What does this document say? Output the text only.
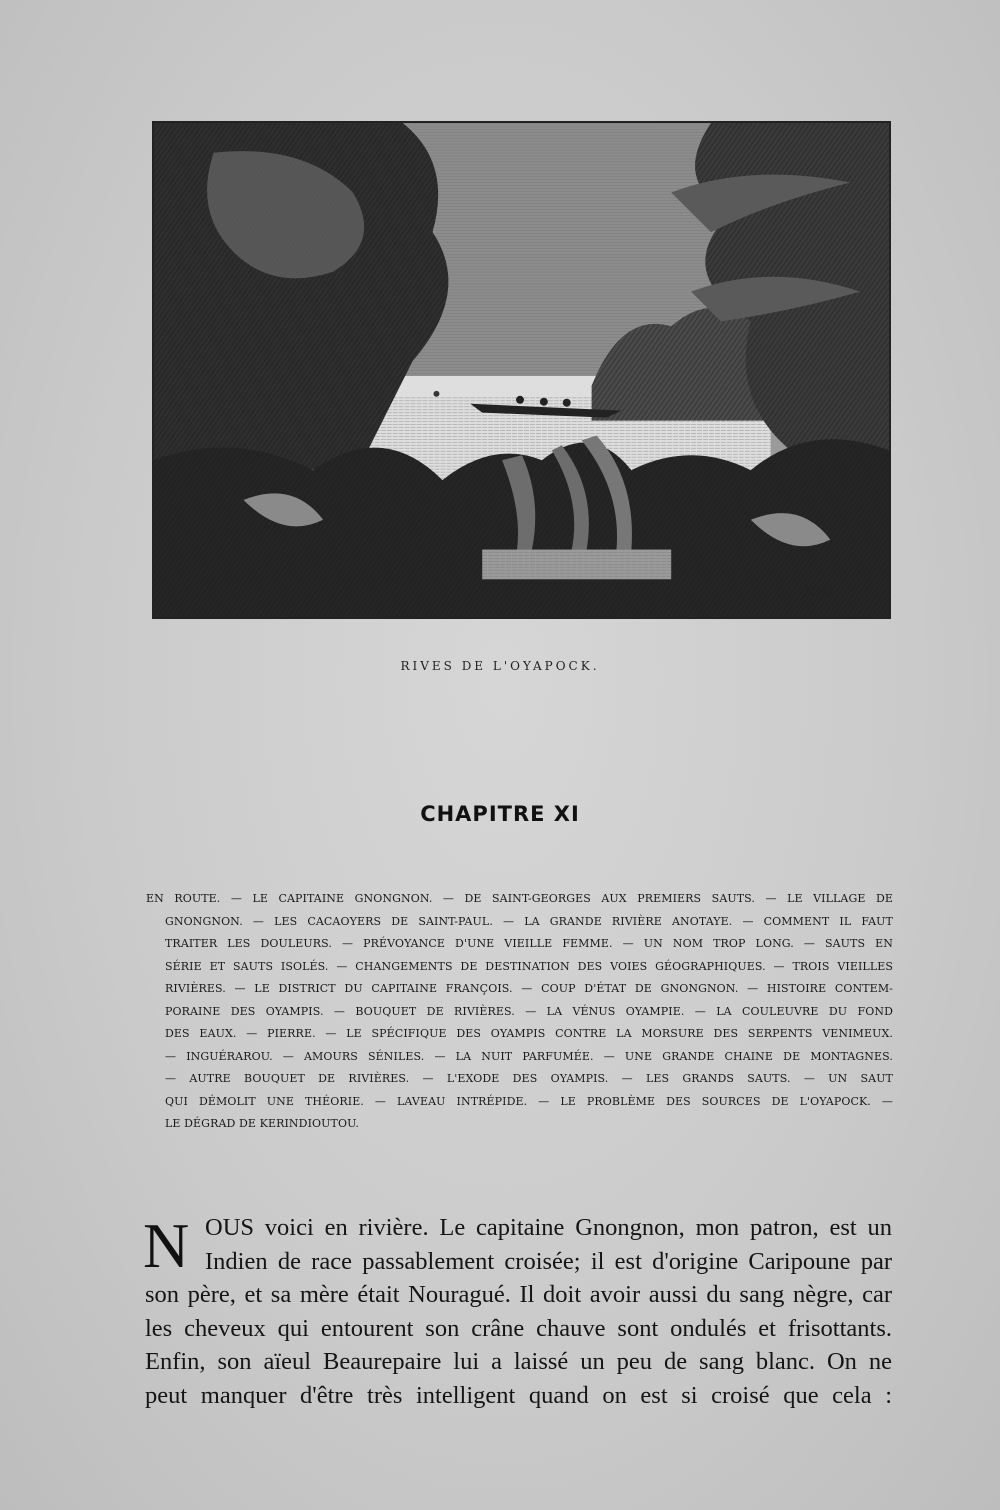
Hohl
RIVES DE L'OYAPOCK.
CHAPITRE XI
EN ROUTE. — LE CAPITAINE GNONGNON. — DE SAINT-GEORGES AUX PREMIERS SAUTS. — LE VILLAGE DE
GNONGNON. — LES CACAOYERS DE SAINT-PAUL. — LA GRANDE RIVIÈRE ANOTAYE. — COMMENT IL FAUT
TRAITER LES DOULEURS. — PRÉVOYANCE D'UNE VIEILLE FEMME. — UN NOM TROP LONG. — SAUTS EN
SÉRIE ET SAUTS ISOLÉS. — CHANGEMENTS DE DESTINATION DES VOIES GÉOGRAPHIQUES. — TROIS VIEILLES
RIVIÈRES. — LE DISTRICT DU CAPITAINE FRANÇOIS. — COUP D'ÉTAT DE GNONGNON. — HISTOIRE CONTEM-
PORAINE DES OYAMPIS. — BOUQUET DE RIVIÈRES. — LA VÉNUS OYAMPIE. — LA COULEUVRE DU FOND
DES EAUX. — PIERRE. — LE SPÉCIFIQUE DES OYAMPIS CONTRE LA MORSURE DES SERPENTS VENIMEUX.
— INGUÉRAROU. — AMOURS SÉNILES. — LA NUIT PARFUMÉE. — UNE GRANDE CHAINE DE MONTAGNES.
— AUTRE BOUQUET DE RIVIÈRES. — L'EXODE DES OYAMPIS. — LES GRANDS SAUTS. — UN SAUT
QUI DÉMOLIT UNE THÉORIE. — LAVEAU INTRÉPIDE. — LE PROBLÈME DES SOURCES DE L'OYAPOCK. —
LE DÉGRAD DE KERINDIOUTOU.
N OUS voici en rivière. Le capitaine Gnongnon, mon patron, est un
Indien de race passablement croisée; il est d'origine Caripoune par
son père, et sa mère était Nouragué. Il doit avoir aussi du sang nègre, car
les cheveux qui entourent son crâne chauve sont ondulés et frisottants.
Enfin, son aïeul Beaurepaire lui a laissé un peu de sang blanc. On ne
peut manquer d'être très intelligent quand on est si croisé que cela :
